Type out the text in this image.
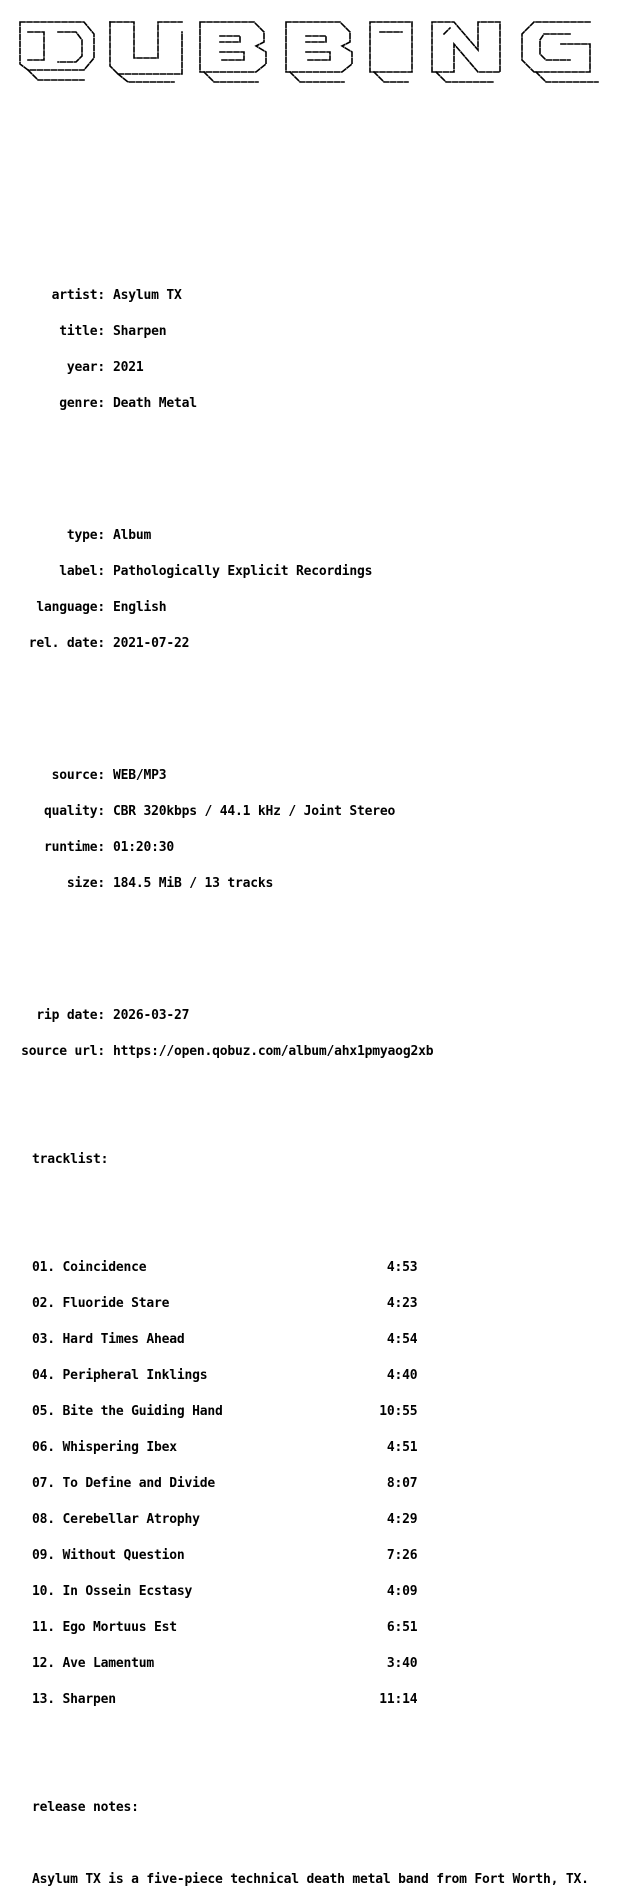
artist: Asylum TX

title: Sharpen

year: 2021

genre: Death Metal

type: Album

label: Pathologically Explicit Recordings

language: English

rel. date: 2021-07-22

source: WEB/MP3

quality: CBR 320kbps / 44.1 kHz / Joint Stereo

runtime: 01:20:30

size: 184.5 MiB / 13 tracks

rip date: 2026-03-27

source url: https://open.qobuz.com/album/ahx1pmyaog2xb

tracklist:

01. Coincidence	4:53

02. Fluoride Stare	4:23

03. Hard Times Ahead	4:54

04. Peripheral Inklings	4:40

05. Bite the Guiding Hand	10:55

06. Whispering Ibex	4:51

07. To Define and Divide	8:07

08. Cerebellar Atrophy	4:29

09. Without Question	7:26

10. In Ossein Ecstasy	4:09

11. Ego Mortuus Est	6:51

12. Ave Lamentum	3:40

13. Sharpen	11:14

release notes:

Asylum TX is a five-piece technical death metal band from Fort Worth, TX.
